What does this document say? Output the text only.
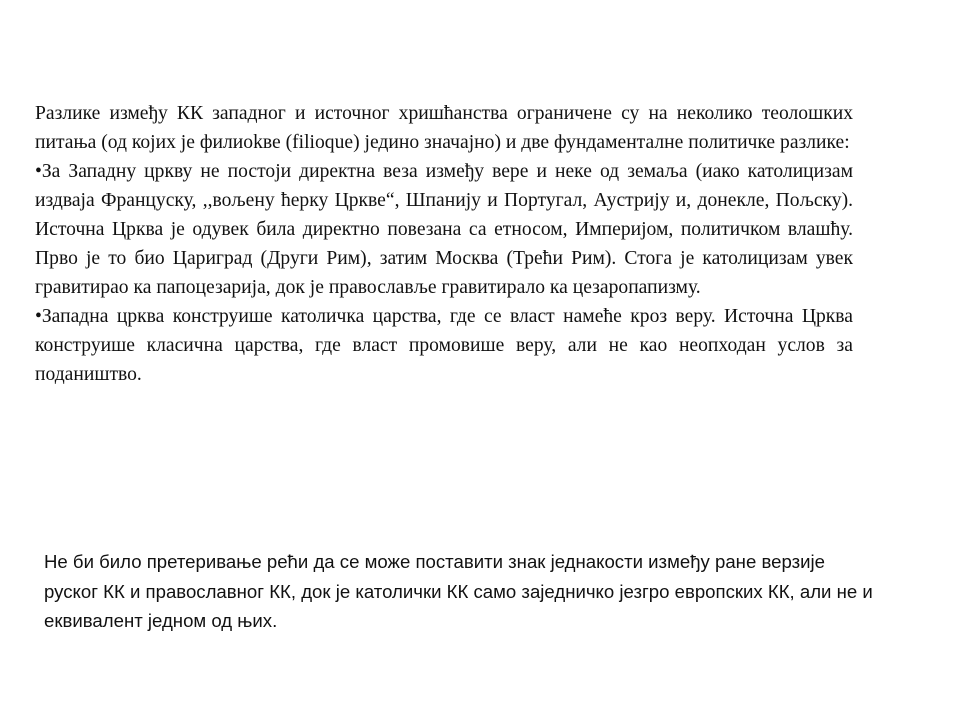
Разлике између КК западног и источног хришћанства ограничене су на неколико теолошких питања (од којих је филиоkве (filioque) једино значајно) и две фундаменталне политичке разлике:

•За Западну цркву не постоји директна веза између вере и неке од земаља (иако католицизам издваја Француску, ,,вољену ћерку Цркве“, Шпанију и Португал, Аустрију и, донекле, Пољску). Источна Црква је одувек била директно повезана са етносом, Империјом, политичком влашћу. Прво је то био Цариград (Други Рим), затим Москва (Трећи Рим). Стога је католицизам увек гравитирао ка папоцезарија, док је православље гравитирало ка цезаропапизму.

•Западна црква конструише католичка царства, где се власт намеће кроз веру. Источна Црква конструише класична царства, где власт промовише веру, али не као неопходан услов за подаништво.

Не би било претеривање рећи да се може поставити знак једнакости између ране верзије руског КК и православног КК, док је католички КК само заједничко језгро европских КК, али не и еквивалент једном од њих.
